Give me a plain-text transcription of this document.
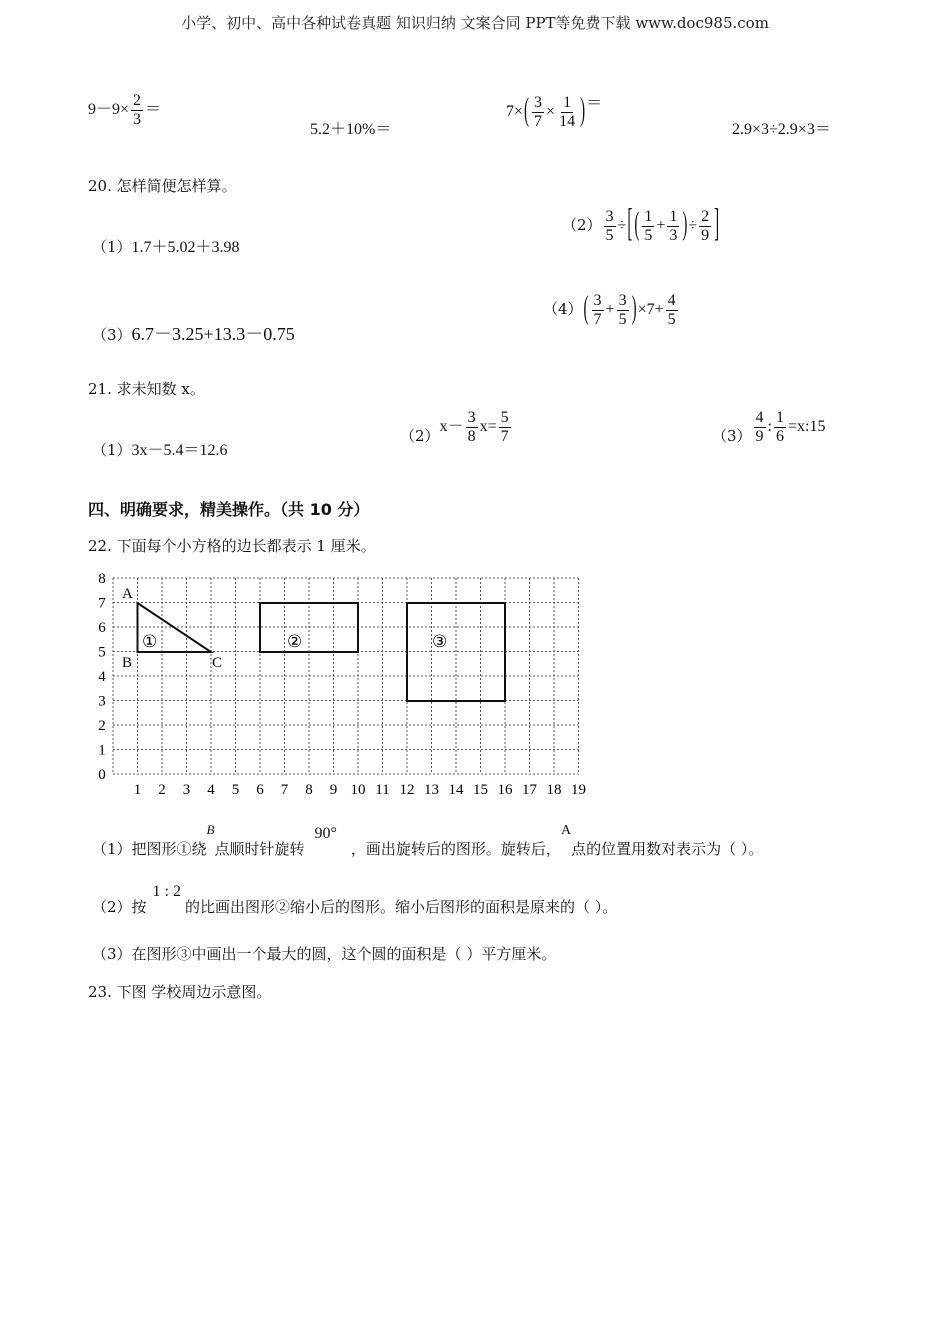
小学、初中、高中各种试卷真题 知识归纳 文案合同 PPT等免费下载 www.doc985.com
$9-9\times \frac{2}{3}$ ＝
5.2＋10%＝
$7\times( \frac{3}{7} \times \frac{1}{14}$ )＝
2.9×3÷2.9×3＝
20. 怎样简便怎样算。
（1）1.7＋5.02＋3.98
$(2) \frac{3}{5}$ ÷[ ( $\frac{1}{5} + \frac{1}{3}$ )÷ $\frac{2}{9}$ ]
（3）6.7－3.25+13.3－0.75
$(4)( \frac{3}{7} + \frac{3}{5} )\times 7+ \frac{4}{5}$
21. 求未知数 x。
（1）3x－5.4＝12.6
$(2)x- \frac{3}{8} x= \frac{5}{7}$	$(3) \frac{4}{9}$ : $\frac{1}{6}$ =x:15
四、明确要求，精美操作。（共 10 分）
22. 下面每个小方格的边长都表示 1 厘米。
1 2 3 4 5 6 7 8 9 10 11 12 13 14 15 16 17 18 19
0
1
2
3
4
5
6
7
8
A
B	C
①	②	③
（1）把图形①绕B点顺时针旋转90°，画出旋转后的图形。旋转后，A点的位置用数对表示为（ ）。
（2）按1 : 2的比画出图形②缩小后的图形。缩小后图形的面积是原来的（ ）。
（3）在图形③中画出一个最大的圆，这个圆的面积是（ ）平方厘米。
23. 下图 学校周边示意图。
